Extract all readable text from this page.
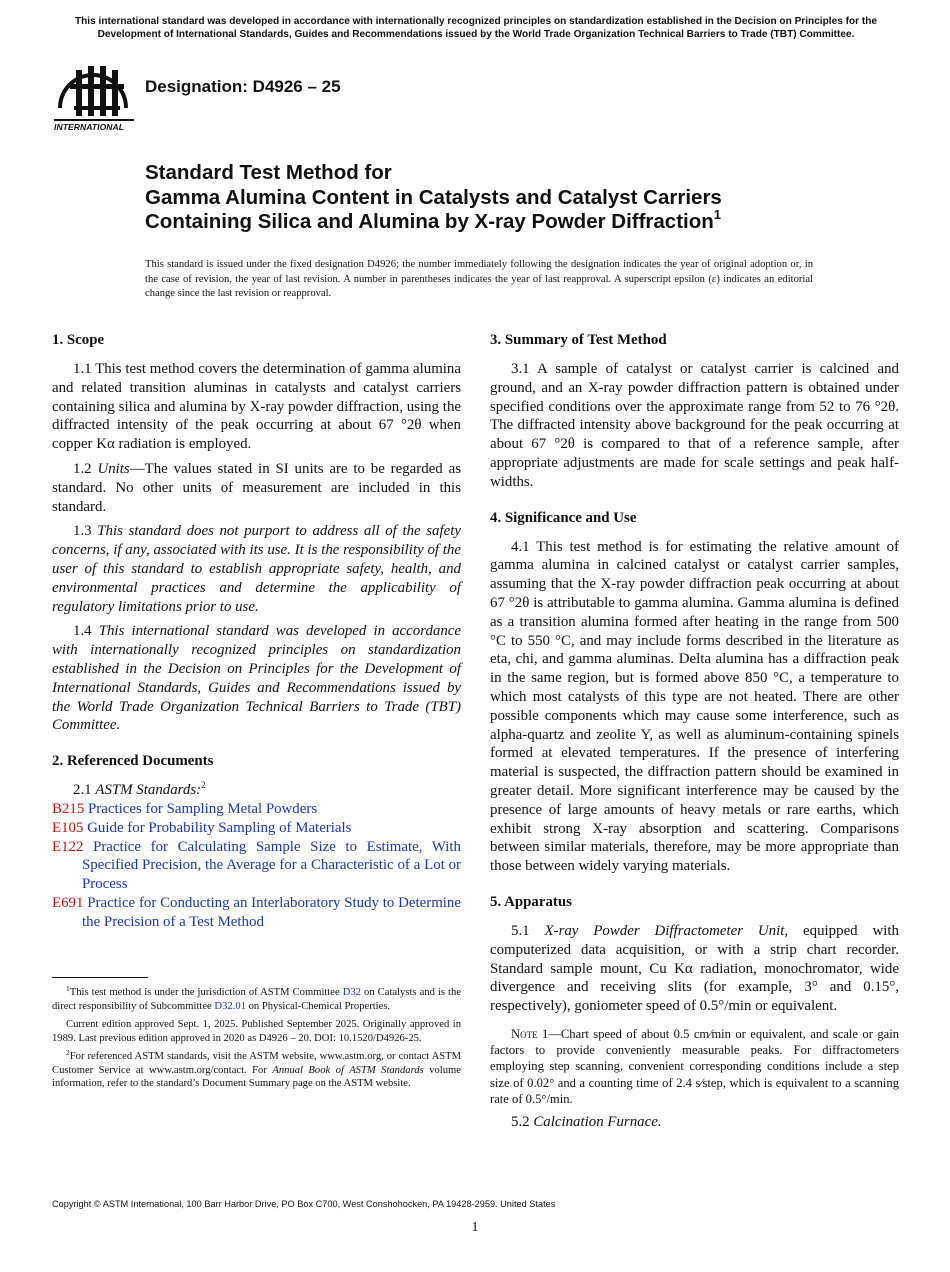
This international standard was developed in accordance with internationally recognized principles on standardization established in the Decision on Principles for the Development of International Standards, Guides and Recommendations issued by the World Trade Organization Technical Barriers to Trade (TBT) Committee.
INTERNATIONAL
Designation: D4926 – 25
Standard Test Method for
Gamma Alumina Content in Catalysts and Catalyst Carriers
Containing Silica and Alumina by X-ray Powder Diffraction$^1$
This standard is issued under the fixed designation D4926; the number immediately following the designation indicates the year of original adoption or, in the case of revision, the year of last revision. A number in parentheses indicates the year of last reapproval. A superscript epsilon (ε) indicates an editorial change since the last revision or reapproval.
1. Scope

1.1 This test method covers the determination of gamma alumina and related transition aluminas in catalysts and catalyst carriers containing silica and alumina by X-ray powder diffraction, using the diffracted intensity of the peak occurring at about 67 °2θ when copper Kα radiation is employed.

1.2 Units—The values stated in SI units are to be regarded as standard. No other units of measurement are included in this standard.

1.3 This standard does not purport to address all of the safety concerns, if any, associated with its use. It is the responsibility of the user of this standard to establish appropriate safety, health, and environmental practices and determine the applicability of regulatory limitations prior to use.

1.4 This international standard was developed in accordance with internationally recognized principles on standardization established in the Decision on Principles for the Development of International Standards, Guides and Recommendations issued by the World Trade Organization Technical Barriers to Trade (TBT) Committee.

2. Referenced Documents

2.1 ASTM Standards:$^2$

B215 Practices for Sampling Metal Powders
E105 Guide for Probability Sampling of Materials
E122 Practice for Calculating Sample Size to Estimate, With Specified Precision, the Average for a Characteristic of a Lot or Process
E691 Practice for Conducting an Interlaboratory Study to Determine the Precision of a Test Method

$^1$This test method is under the jurisdiction of ASTM Committee D32 on Catalysts and is the direct responsibility of Subcommittee D32.01 on Physical-Chemical Properties.

Current edition approved Sept. 1, 2025. Published September 2025. Originally approved in 1989. Last previous edition approved in 2020 as D4926 – 20. DOI: 10.1520/D4926-25.

$^2$For referenced ASTM standards, visit the ASTM website, www.astm.org, or contact ASTM Customer Service at www.astm.org/contact. For Annual Book of ASTM Standards volume information, refer to the standard’s Document Summary page on the ASTM website.

3. Summary of Test Method

3.1 A sample of catalyst or catalyst carrier is calcined and ground, and an X-ray powder diffraction pattern is obtained under specified conditions over the approximate range from 52 to 76 °2θ. The diffracted intensity above background for the peak occurring at about 67 °2θ is compared to that of a reference sample, after appropriate adjustments are made for scale settings and peak half-widths.

4. Significance and Use

4.1 This test method is for estimating the relative amount of gamma alumina in calcined catalyst or catalyst carrier samples, assuming that the X-ray powder diffraction peak occurring at about 67 °2θ is attributable to gamma alumina. Gamma alumina is defined as a transition alumina formed after heating in the range from 500 °C to 550 °C, and may include forms described in the literature as eta, chi, and gamma aluminas. Delta alumina has a diffraction peak in the same region, but is formed above 850 °C, a temperature to which most catalysts of this type are not heated. There are other possible components which may cause some interference, such as alpha-quartz and zeolite Y, as well as aluminum-containing spinels formed at elevated temperatures. If the presence of interfering material is suspected, the diffraction pattern should be examined in greater detail. More significant interference may be caused by the presence of large amounts of heavy metals or rare earths, which exhibit strong X-ray absorption and scattering. Comparisons between similar materials, therefore, may be more appropriate than those between widely varying materials.

5. Apparatus

5.1 X-ray Powder Diffractometer Unit, equipped with computerized data acquisition, or with a strip chart recorder. Standard sample mount, Cu Kα radiation, monochromator, wide divergence and receiving slits (for example, 3° and 0.15°, respectively), goniometer speed of 0.5°/min or equivalent.

Note 1—Chart speed of about 0.5 cm⁄min or equivalent, and scale or gain factors to provide conveniently measurable peaks. For diffractometers employing step scanning, convenient corresponding conditions include a step size of 0.02° and a counting time of 2.4 s⁄step, which is equivalent to a scanning rate of 0.5°/min.

5.2 Calcination Furnace.

Copyright © ASTM International, 100 Barr Harbor Drive, PO Box C700, West Conshohocken, PA 19428-2959. United States
1
